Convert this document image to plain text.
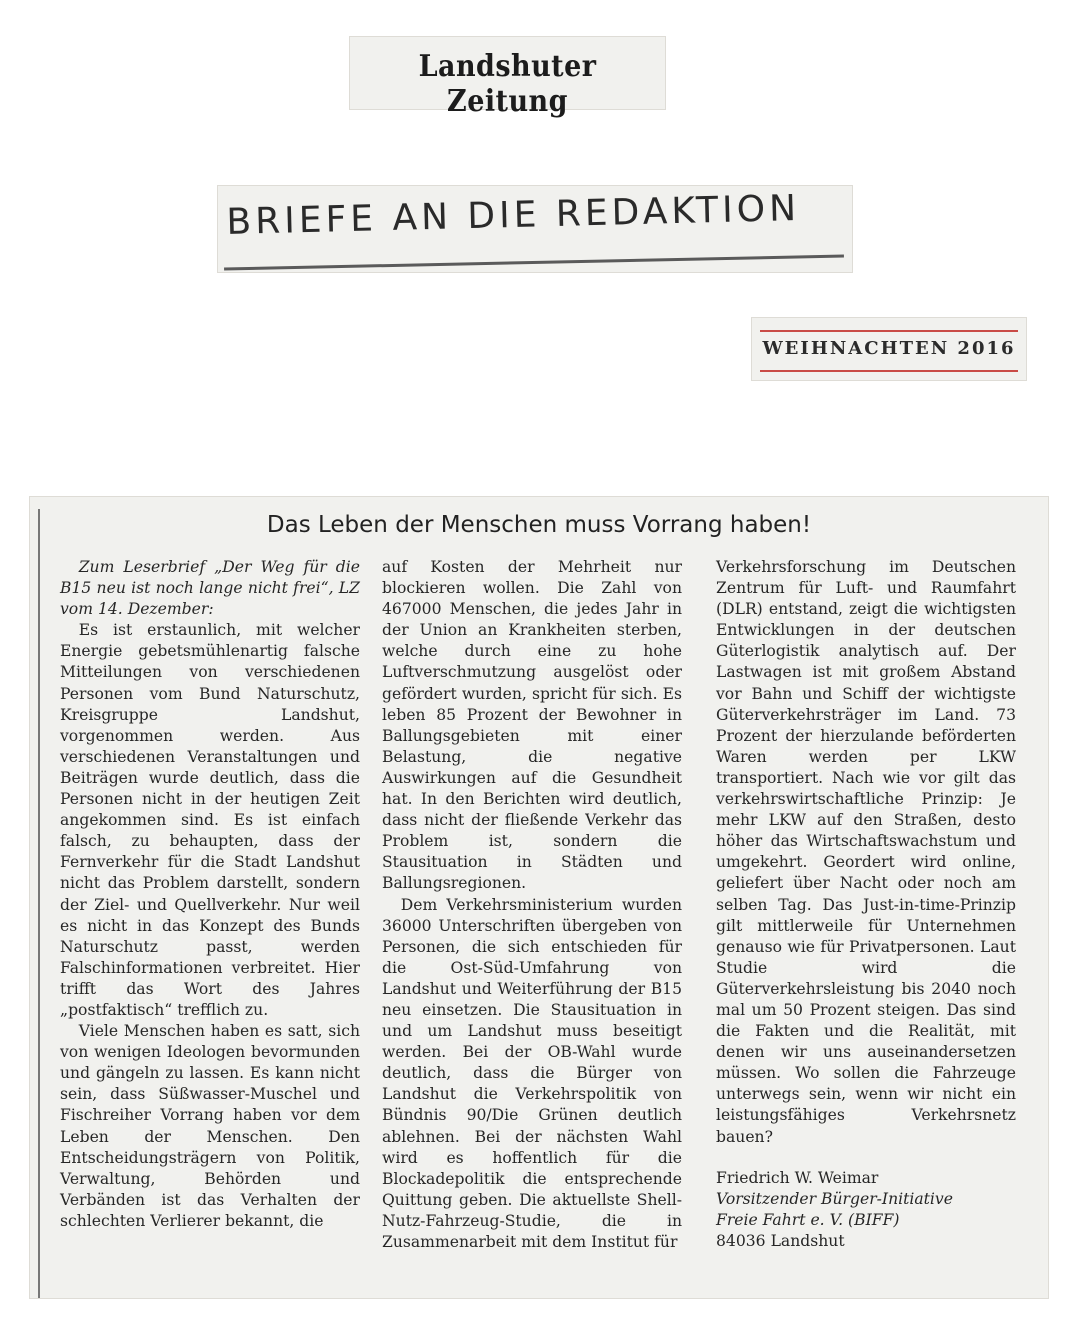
Landshuter Zeitung
BRIEFE AN DIE REDAKTION
WEIHNACHTEN 2016
Das Leben der Menschen muss Vorrang haben!

Zum Leserbrief „Der Weg für die B15 neu ist noch lange nicht frei“, LZ vom 14. Dezember:

Es ist erstaunlich, mit welcher Energie gebetsmühlenartig falsche Mitteilungen von verschiedenen Personen vom Bund Naturschutz, Kreisgruppe Landshut, vorgenommen werden. Aus verschiedenen Veranstaltungen und Beiträgen wurde deutlich, dass die Personen nicht in der heutigen Zeit angekommen sind. Es ist einfach falsch, zu behaupten, dass der Fernverkehr für die Stadt Landshut nicht das Problem darstellt, sondern der Ziel- und Quellverkehr. Nur weil es nicht in das Konzept des Bunds Naturschutz passt, werden Falschinformationen verbreitet. Hier trifft das Wort des Jahres „postfaktisch“ trefflich zu.

Viele Menschen haben es satt, sich von wenigen Ideologen bevormunden und gängeln zu lassen. Es kann nicht sein, dass Süßwasser-Muschel und Fischreiher Vorrang haben vor dem Leben der Menschen. Den Entscheidungsträgern von Politik, Verwaltung, Behörden und Verbänden ist das Verhalten der schlechten Verlierer bekannt, die

auf Kosten der Mehrheit nur blockieren wollen. Die Zahl von 467000 Menschen, die jedes Jahr in der Union an Krankheiten sterben, welche durch eine zu hohe Luftverschmutzung ausgelöst oder gefördert wurden, spricht für sich. Es leben 85 Prozent der Bewohner in Ballungsgebieten mit einer Belastung, die negative Auswirkungen auf die Gesundheit hat. In den Berichten wird deutlich, dass nicht der fließende Verkehr das Problem ist, sondern die Stausituation in Städten und Ballungsregionen.

Dem Verkehrsministerium wurden 36000 Unterschriften übergeben von Personen, die sich entschieden für die Ost-Süd-Umfahrung von Landshut und Weiterführung der B15 neu einsetzen. Die Stausituation in und um Landshut muss beseitigt werden. Bei der OB-Wahl wurde deutlich, dass die Bürger von Landshut die Verkehrspolitik von Bündnis 90/Die Grünen deutlich ablehnen. Bei der nächsten Wahl wird es hoffentlich für die Blockadepolitik die entsprechende Quittung geben. Die aktuellste Shell-Nutz-Fahrzeug-Studie, die in Zusammenarbeit mit dem Institut für

Verkehrsforschung im Deutschen Zentrum für Luft- und Raumfahrt (DLR) entstand, zeigt die wichtigsten Entwicklungen in der deutschen Güterlogistik analytisch auf. Der Lastwagen ist mit großem Abstand vor Bahn und Schiff der wichtigste Güterverkehrsträger im Land. 73 Prozent der hierzulande beförderten Waren werden per LKW transportiert. Nach wie vor gilt das verkehrswirtschaftliche Prinzip: Je mehr LKW auf den Straßen, desto höher das Wirtschaftswachstum und umgekehrt. Geordert wird online, geliefert über Nacht oder noch am selben Tag. Das Just-in-time-Prinzip gilt mittlerweile für Unternehmen genauso wie für Privatpersonen. Laut Studie wird die Güterverkehrsleistung bis 2040 noch mal um 50 Prozent steigen. Das sind die Fakten und die Realität, mit denen wir uns auseinandersetzen müssen. Wo sollen die Fahrzeuge unterwegs sein, wenn wir nicht ein leistungsfähiges Verkehrsnetz bauen?

Friedrich W. Weimar

Vorsitzender Bürger-Initiative

Freie Fahrt e. V. (BIFF)

84036 Landshut
